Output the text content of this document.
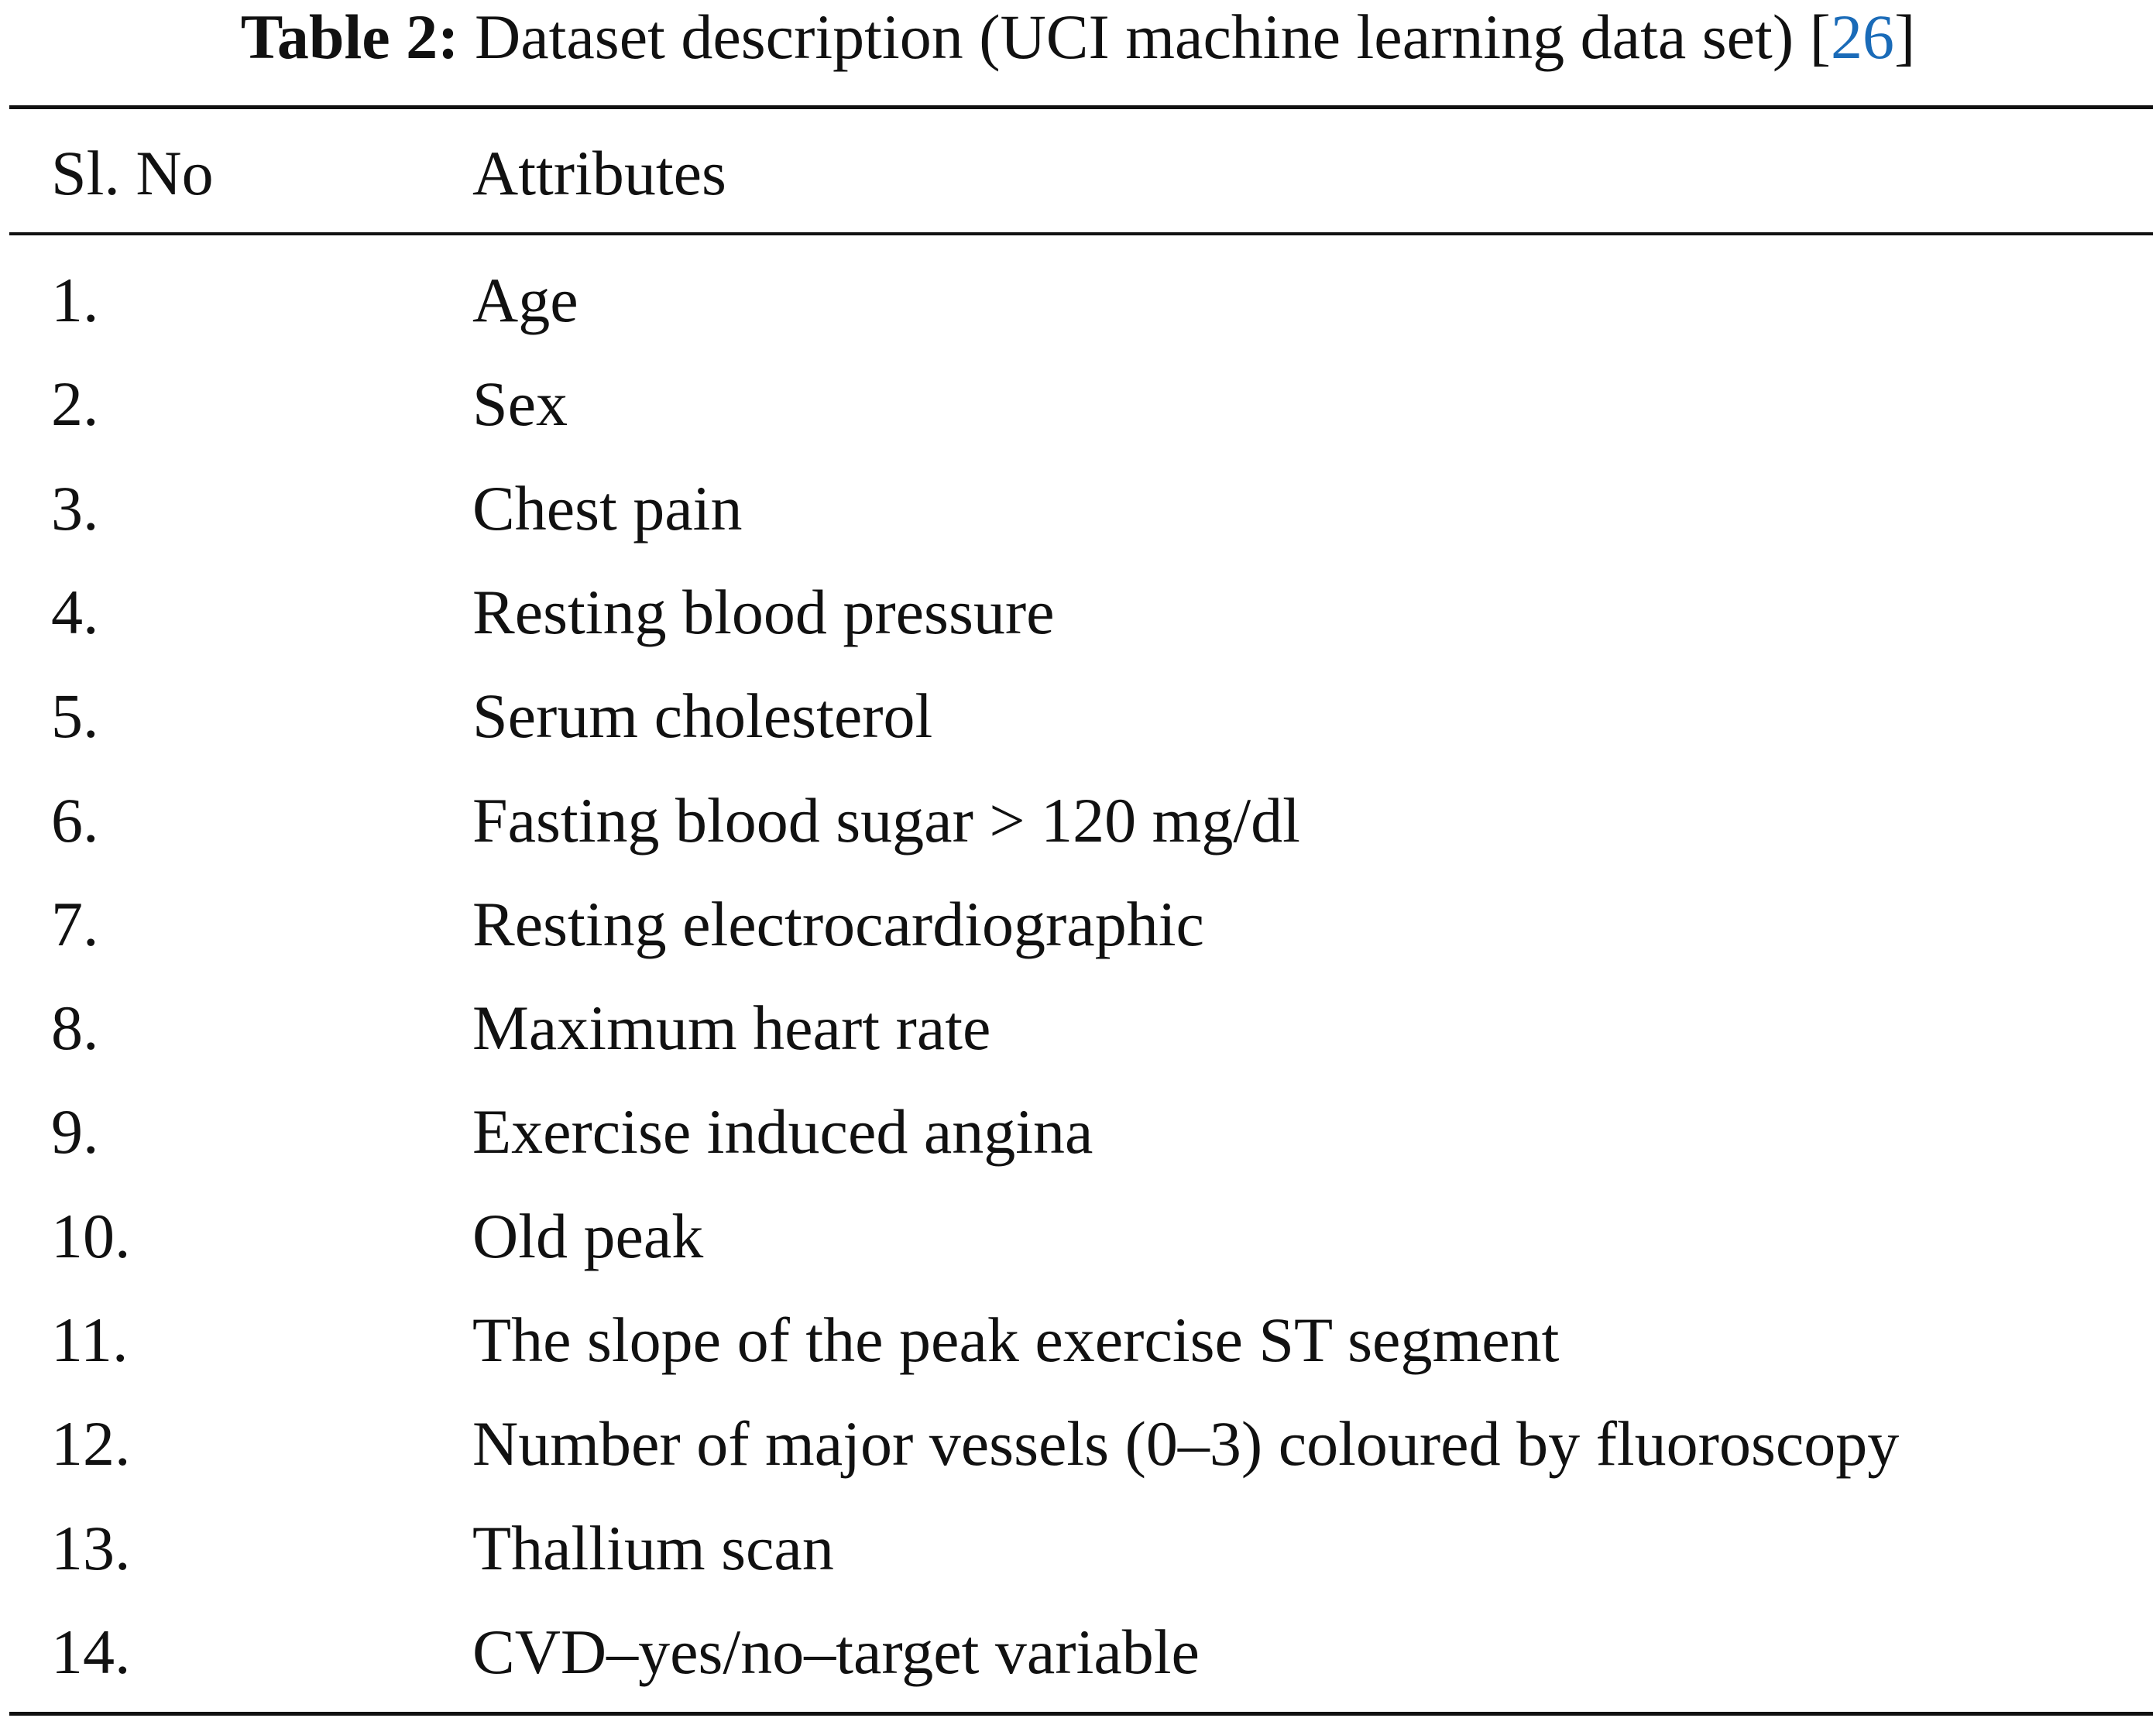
Table 2: Dataset description (UCI machine learning data set) [26]
Sl. No	Attributes
1.	Age
2.	Sex
3.	Chest pain
4.	Resting blood pressure
5.	Serum cholesterol
6.	Fasting blood sugar > 120 mg/dl
7.	Resting electrocardiographic
8.	Maximum heart rate
9.	Exercise induced angina
10.	Old peak
11.	The slope of the peak exercise ST segment
12.	Number of major vessels (0–3) coloured by fluoroscopy
13.	Thallium scan
14.	CVD–yes/no–target variable
